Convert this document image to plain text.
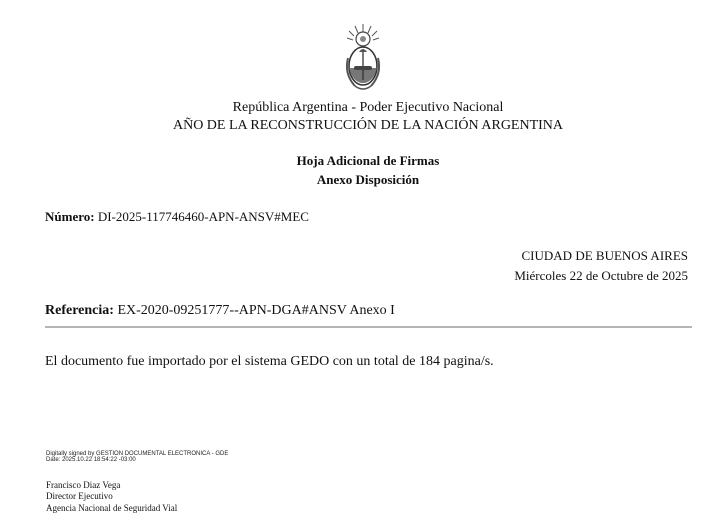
República Argentina - Poder Ejecutivo Nacional
AÑO DE LA RECONSTRUCCIÓN DE LA NACIÓN ARGENTINA
Hoja Adicional de Firmas
Anexo Disposición
Número: DI-2025-117746460-APN-ANSV#MEC
CIUDAD DE BUENOS AIRES
Miércoles 22 de Octubre de 2025
Referencia: EX-2020-09251777--APN-DGA#ANSV Anexo I
El documento fue importado por el sistema GEDO con un total de 184 pagina/s.
Digitally signed by GESTION DOCUMENTAL ELECTRONICA - GDE
Date: 2025.10.22 18:54:22 -03:00
Francisco Diaz Vega
Director Ejecutivo
Agencia Nacional de Seguridad Vial
